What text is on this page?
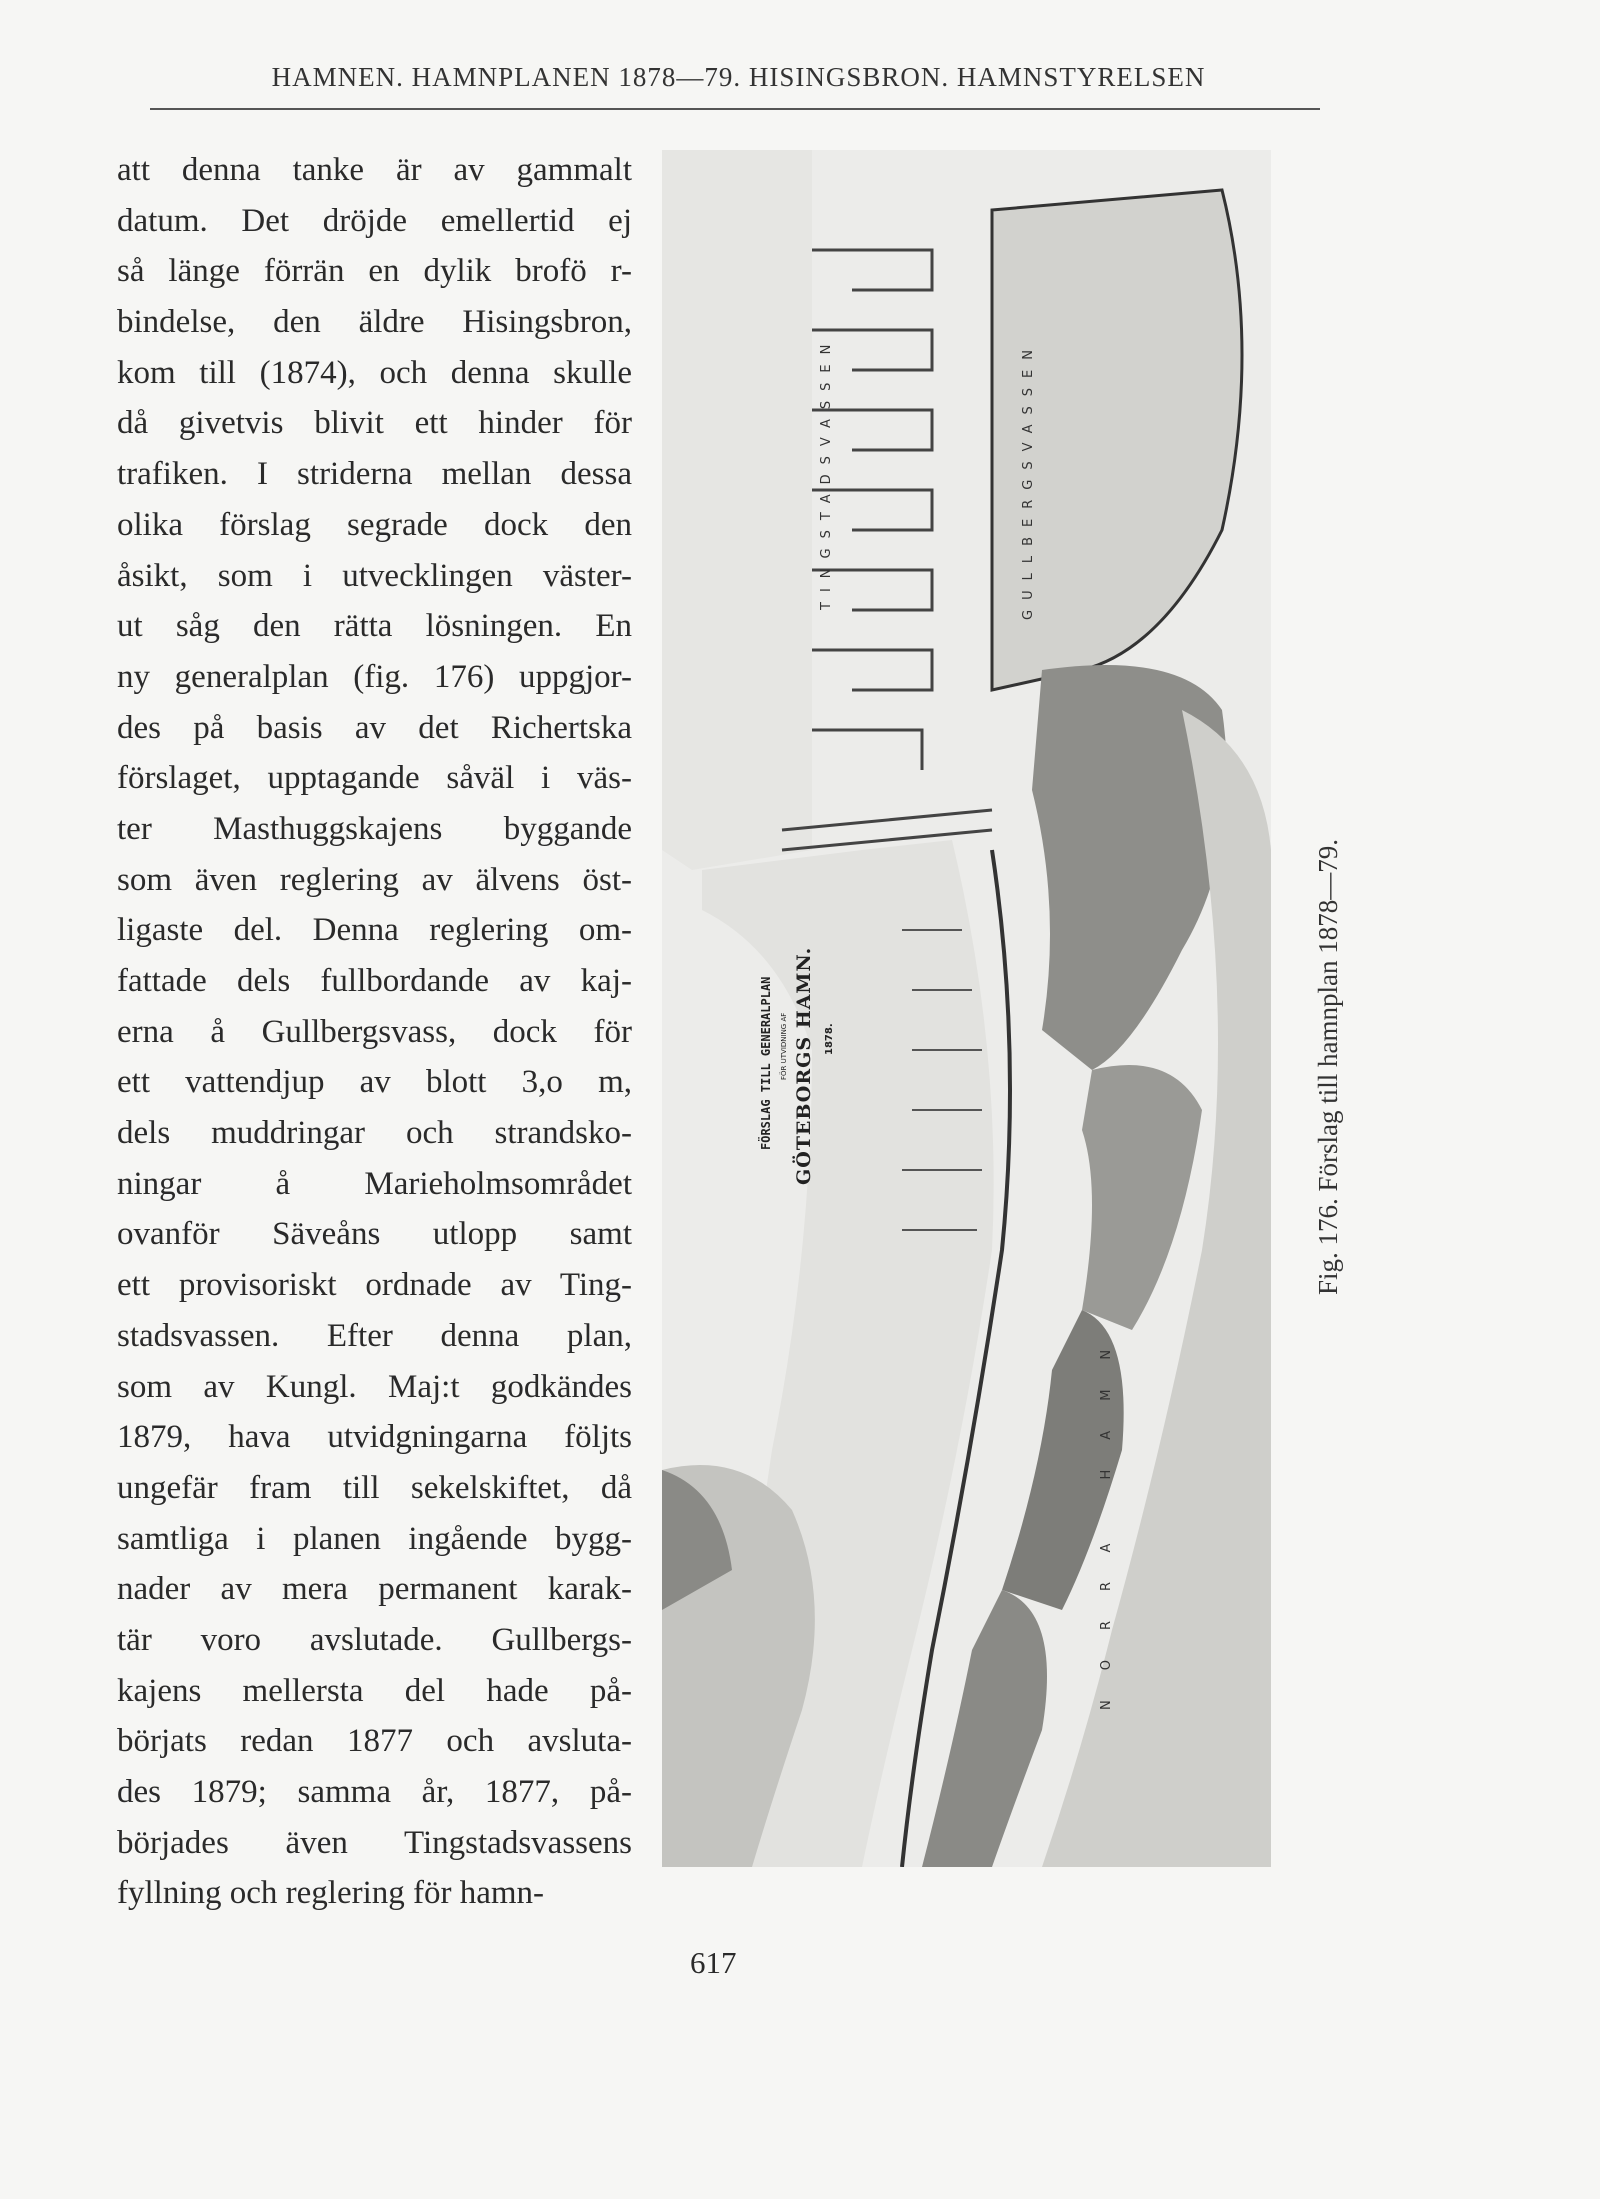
HAMNEN. HAMNPLANEN 1878—79. HISINGSBRON. HAMNSTYRELSEN
att denna tanke är av gammalt
datum. Det dröjde emellertid ej
så länge förrän en dylik brofö r-
bindelse, den äldre Hisingsbron,
kom till (1874), och denna skulle
då givetvis blivit ett hinder för
trafiken. I striderna mellan dessa
olika förslag segrade dock den
åsikt, som i utvecklingen väster-
ut såg den rätta lösningen. En
ny generalplan (fig. 176) uppgjor-
des på basis av det Richertska
förslaget, upptagande såväl i väs-
ter Masthuggskajens byggande
som även reglering av älvens öst-
ligaste del. Denna reglering om-
fattade dels fullbordande av kaj-
erna å Gullbergsvass, dock för
ett vattendjup av blott 3,o m,
dels muddringar och strandsko-
ningar å Marieholmsområdet
ovanför Säveåns utlopp samt
ett provisoriskt ordnade av Ting-
stadsvassen. Efter denna plan,
som av Kungl. Maj:t godkändes
1879, hava utvidgningarna följts
ungefär fram till sekelskiftet, då
samtliga i planen ingående bygg-
nader av mera permanent karak-
tär voro avslutade. Gullbergs-
kajens mellersta del hade på-
börjats redan 1877 och avsluta-
des 1879; samma år, 1877, på-
börjades även Tingstadsvassens
fyllning och reglering för hamn-
TINGSTADSVASSEN	GULLBERGSVASSEN
NORRA HAMN
FÖRSLAG TILL GENERALPLAN FÖR UTVIDNING AF GÖTEBORGS HAMN. 1878.	Fig. 176. Förslag till hamnplan 1878—79.
617
